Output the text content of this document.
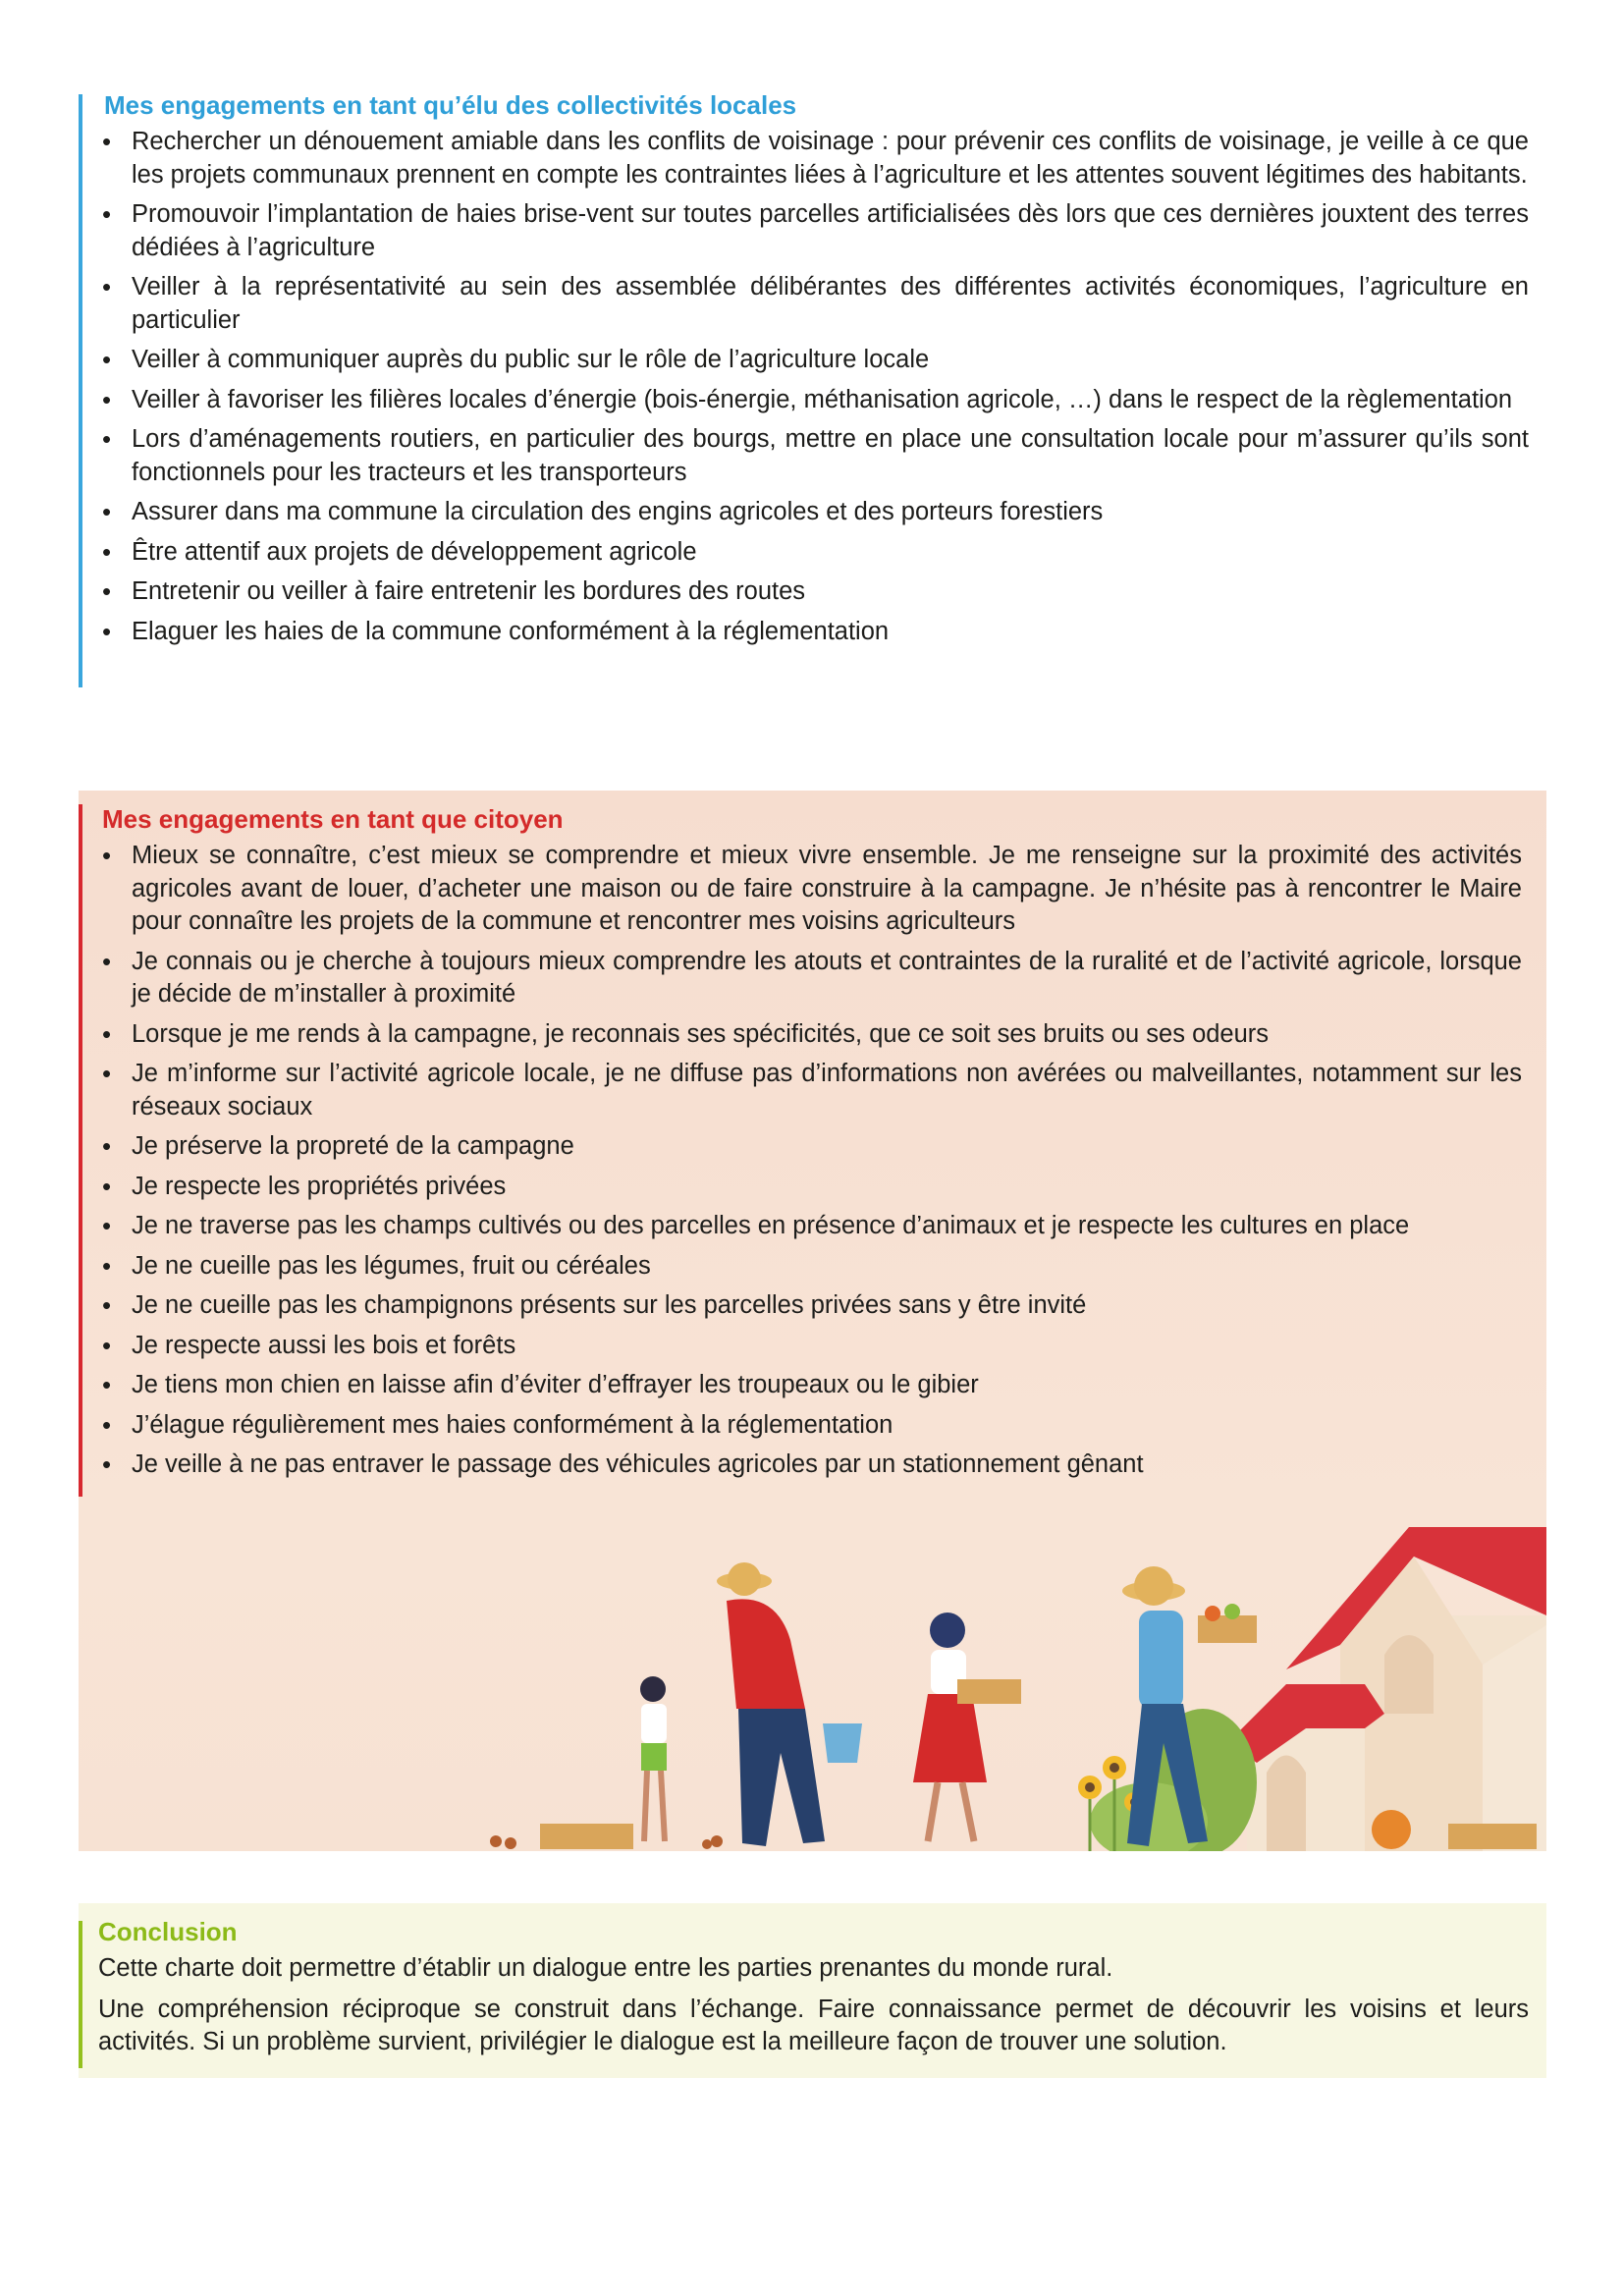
Mes engagements en tant qu’élu des collectivités locales
• Rechercher un dénouement amiable dans les conflits de voisinage : pour prévenir ces conflits de voisinage, je veille à ce que les projets communaux prennent en compte les contraintes liées à l’agriculture et les attentes souvent légitimes des habitants.
• Promouvoir l’implantation de haies brise-vent sur toutes parcelles artificialisées dès lors que ces dernières jouxtent des terres dédiées à l’agriculture
• Veiller à la représentativité au sein des assemblée délibérantes des différentes activités économiques, l’agriculture en particulier
• Veiller à communiquer auprès du public sur le rôle de l’agriculture locale
• Veiller à favoriser les filières locales d’énergie (bois-énergie, méthanisation agricole, …) dans le respect de la règlementation
• Lors d’aménagements routiers, en particulier des bourgs, mettre en place une consultation locale pour m’assurer qu’ils sont fonctionnels pour les tracteurs et les transporteurs
• Assurer dans ma commune la circulation des engins agricoles et des porteurs forestiers
• Être attentif aux projets de développement agricole
• Entretenir ou veiller à faire entretenir les bordures des routes
• Elaguer les haies de la commune conformément à la réglementation
Mes engagements en tant que citoyen
• Mieux se connaître, c’est mieux se comprendre et mieux vivre ensemble. Je me renseigne sur la proximité des activités agricoles avant de louer, d’acheter une maison ou de faire construire à la campagne. Je n’hésite pas à rencontrer le Maire pour connaître les projets de la commune et rencontrer mes voisins agriculteurs
• Je connais ou je cherche à toujours mieux comprendre les atouts et contraintes de la ruralité et de l’activité agricole, lorsque je décide de m’installer à proximité
• Lorsque je me rends à la campagne, je reconnais ses spécificités, que ce soit ses bruits ou ses odeurs
• Je m’informe sur l’activité agricole locale, je ne diffuse pas d’informations non avérées ou malveillantes, notamment sur les réseaux sociaux
• Je préserve la propreté de la campagne
• Je respecte les propriétés privées
• Je ne traverse pas les champs cultivés ou des parcelles en présence d’animaux et je respecte les cultures en place
• Je ne cueille pas les légumes, fruit ou céréales
• Je ne cueille pas les champignons présents sur les parcelles privées sans y être invité
• Je respecte aussi les bois et forêts
• Je tiens mon chien en laisse afin d’éviter d’effrayer les troupeaux ou le gibier
• J’élague régulièrement mes haies conformément à la réglementation
• Je veille à ne pas entraver le passage des véhicules agricoles par un stationnement gênant
Conclusion

Cette charte doit permettre d’établir un dialogue entre les parties prenantes du monde rural.

Une compréhension réciproque se construit dans l’échange. Faire connaissance permet de découvrir les voisins et leurs activités. Si un problème survient, privilégier le dialogue est la meilleure façon de trouver une solution.
